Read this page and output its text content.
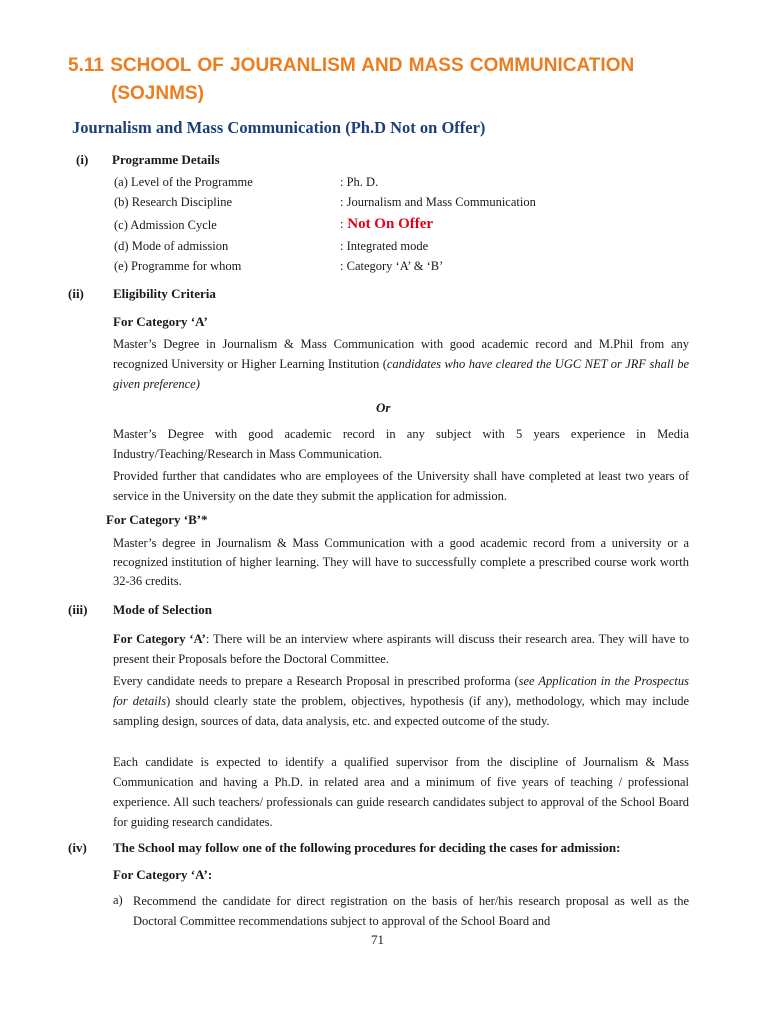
5.11 SCHOOL OF JOURANLISM AND MASS COMMUNICATION
(SOJNMS)
Journalism and Mass Communication (Ph.D Not on Offer)
(i) Programme Details
(a) Level of the Programme	: Ph. D.
(b) Research Discipline	: Journalism and Mass Communication
(c) Admission Cycle	: Not On Offer
(d) Mode of admission	: Integrated mode
(e) Programme for whom	: Category ‘A’ & ‘B’
(ii) Eligibility Criteria
For Category ‘A’
Master’s Degree in Journalism & Mass Communication with good academic record and M.Phil from any recognized University or Higher Learning Institution (candidates who have cleared the UGC NET or JRF shall be given preference)
Or
Master’s Degree with good academic record in any subject with 5 years experience in Media Industry/Teaching/Research in Mass Communication.
Provided further that candidates who are employees of the University shall have completed at least two years of service in the University on the date they submit the application for admission.
For Category ‘B’*
Master’s degree in Journalism & Mass Communication with a good academic record from a university or a recognized institution of higher learning. They will have to successfully complete a prescribed course work worth 32-36 credits.
(iii) Mode of Selection
For Category ‘A’: There will be an interview where aspirants will discuss their research area. They will have to present their Proposals before the Doctoral Committee.
Every candidate needs to prepare a Research Proposal in prescribed proforma (see Application in the Prospectus for details) should clearly state the problem, objectives, hypothesis (if any), methodology, which may include sampling design, sources of data, data analysis, etc. and expected outcome of the study.
Each candidate is expected to identify a qualified supervisor from the discipline of Journalism & Mass Communication and having a Ph.D. in related area and a minimum of five years of teaching / professional experience. All such teachers/ professionals can guide research candidates subject to approval of the School Board for guiding research candidates.
(iv) The School may follow one of the following procedures for deciding the cases for admission:
For Category ‘A’:
a) Recommend the candidate for direct registration on the basis of her/his research proposal as well as the Doctoral Committee recommendations subject to approval of the School Board and
71
